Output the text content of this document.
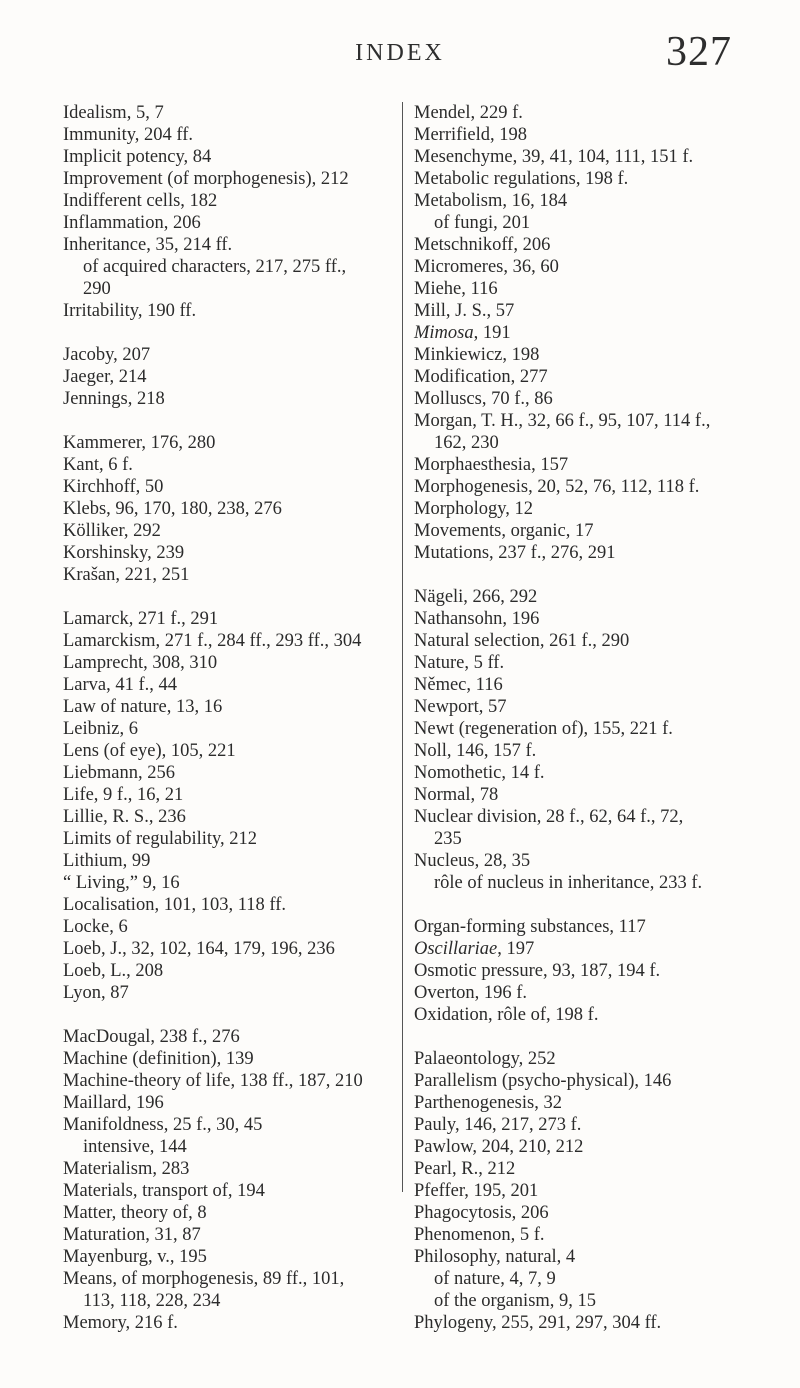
INDEX	327
Idealism, 5, 7
Immunity, 204 ff.
Implicit potency, 84
Improvement (of morphogenesis), 212
Indifferent cells, 182
Inflammation, 206
Inheritance, 35, 214 ff.
of acquired characters, 217, 275 ff.,
290
Irritability, 190 ff.
Jacoby, 207
Jaeger, 214
Jennings, 218
Kammerer, 176, 280
Kant, 6 f.
Kirchhoff, 50
Klebs, 96, 170, 180, 238, 276
Kölliker, 292
Korshinsky, 239
Krašan, 221, 251
Lamarck, 271 f., 291
Lamarckism, 271 f., 284 ff., 293 ff., 304
Lamprecht, 308, 310
Larva, 41 f., 44
Law of nature, 13, 16
Leibniz, 6
Lens (of eye), 105, 221
Liebmann, 256
Life, 9 f., 16, 21
Lillie, R. S., 236
Limits of regulability, 212
Lithium, 99
“ Living,” 9, 16
Localisation, 101, 103, 118 ff.
Locke, 6
Loeb, J., 32, 102, 164, 179, 196, 236
Loeb, L., 208
Lyon, 87
MacDougal, 238 f., 276
Machine (definition), 139
Machine-theory of life, 138 ff., 187, 210
Maillard, 196
Manifoldness, 25 f., 30, 45
intensive, 144
Materialism, 283
Materials, transport of, 194
Matter, theory of, 8
Maturation, 31, 87
Mayenburg, v., 195
Means, of morphogenesis, 89 ff., 101,
113, 118, 228, 234
Memory, 216 f.
Mendel, 229 f.
Merrifield, 198
Mesenchyme, 39, 41, 104, 111, 151 f.
Metabolic regulations, 198 f.
Metabolism, 16, 184
of fungi, 201
Metschnikoff, 206
Micromeres, 36, 60
Miehe, 116
Mill, J. S., 57
Mimosa, 191
Minkiewicz, 198
Modification, 277
Molluscs, 70 f., 86
Morgan, T. H., 32, 66 f., 95, 107, 114 f.,
162, 230
Morphaesthesia, 157
Morphogenesis, 20, 52, 76, 112, 118 f.
Morphology, 12
Movements, organic, 17
Mutations, 237 f., 276, 291
Nägeli, 266, 292
Nathansohn, 196
Natural selection, 261 f., 290
Nature, 5 ff.
Němec, 116
Newport, 57
Newt (regeneration of), 155, 221 f.
Noll, 146, 157 f.
Nomothetic, 14 f.
Normal, 78
Nuclear division, 28 f., 62, 64 f., 72,
235
Nucleus, 28, 35
rôle of nucleus in inheritance, 233 f.
Organ-forming substances, 117
Oscillariae, 197
Osmotic pressure, 93, 187, 194 f.
Overton, 196 f.
Oxidation, rôle of, 198 f.
Palaeontology, 252
Parallelism (psycho-physical), 146
Parthenogenesis, 32
Pauly, 146, 217, 273 f.
Pawlow, 204, 210, 212
Pearl, R., 212
Pfeffer, 195, 201
Phagocytosis, 206
Phenomenon, 5 f.
Philosophy, natural, 4
of nature, 4, 7, 9
of the organism, 9, 15
Phylogeny, 255, 291, 297, 304 ff.
